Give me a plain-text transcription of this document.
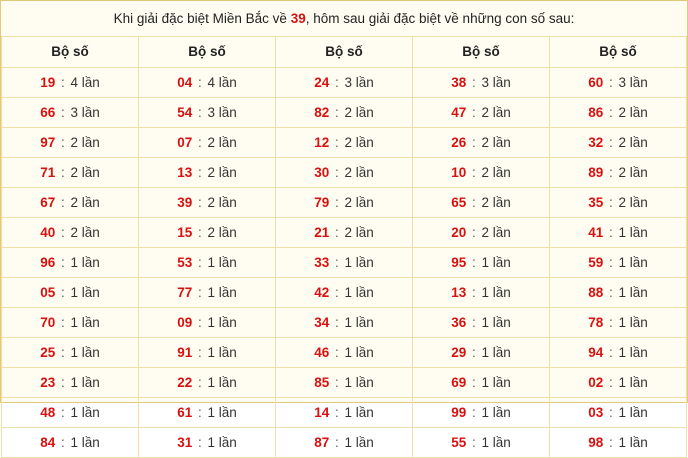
Khi giải đặc biệt Miền Bắc về 39, hôm sau giải đặc biệt về những con số sau:
Bộ số	Bộ số	Bộ số	Bộ số	Bộ số
19 : 4 lần	04 : 4 lần	24 : 3 lần	38 : 3 lần	60 : 3 lần
66 : 3 lần	54 : 3 lần	82 : 2 lần	47 : 2 lần	86 : 2 lần
97 : 2 lần	07 : 2 lần	12 : 2 lần	26 : 2 lần	32 : 2 lần
71 : 2 lần	13 : 2 lần	30 : 2 lần	10 : 2 lần	89 : 2 lần
67 : 2 lần	39 : 2 lần	79 : 2 lần	65 : 2 lần	35 : 2 lần
40 : 2 lần	15 : 2 lần	21 : 2 lần	20 : 2 lần	41 : 1 lần
96 : 1 lần	53 : 1 lần	33 : 1 lần	95 : 1 lần	59 : 1 lần
05 : 1 lần	77 : 1 lần	42 : 1 lần	13 : 1 lần	88 : 1 lần
70 : 1 lần	09 : 1 lần	34 : 1 lần	36 : 1 lần	78 : 1 lần
25 : 1 lần	91 : 1 lần	46 : 1 lần	29 : 1 lần	94 : 1 lần
23 : 1 lần	22 : 1 lần	85 : 1 lần	69 : 1 lần	02 : 1 lần
48 : 1 lần	61 : 1 lần	14 : 1 lần	99 : 1 lần	03 : 1 lần
84 : 1 lần	31 : 1 lần	87 : 1 lần	55 : 1 lần	98 : 1 lần
